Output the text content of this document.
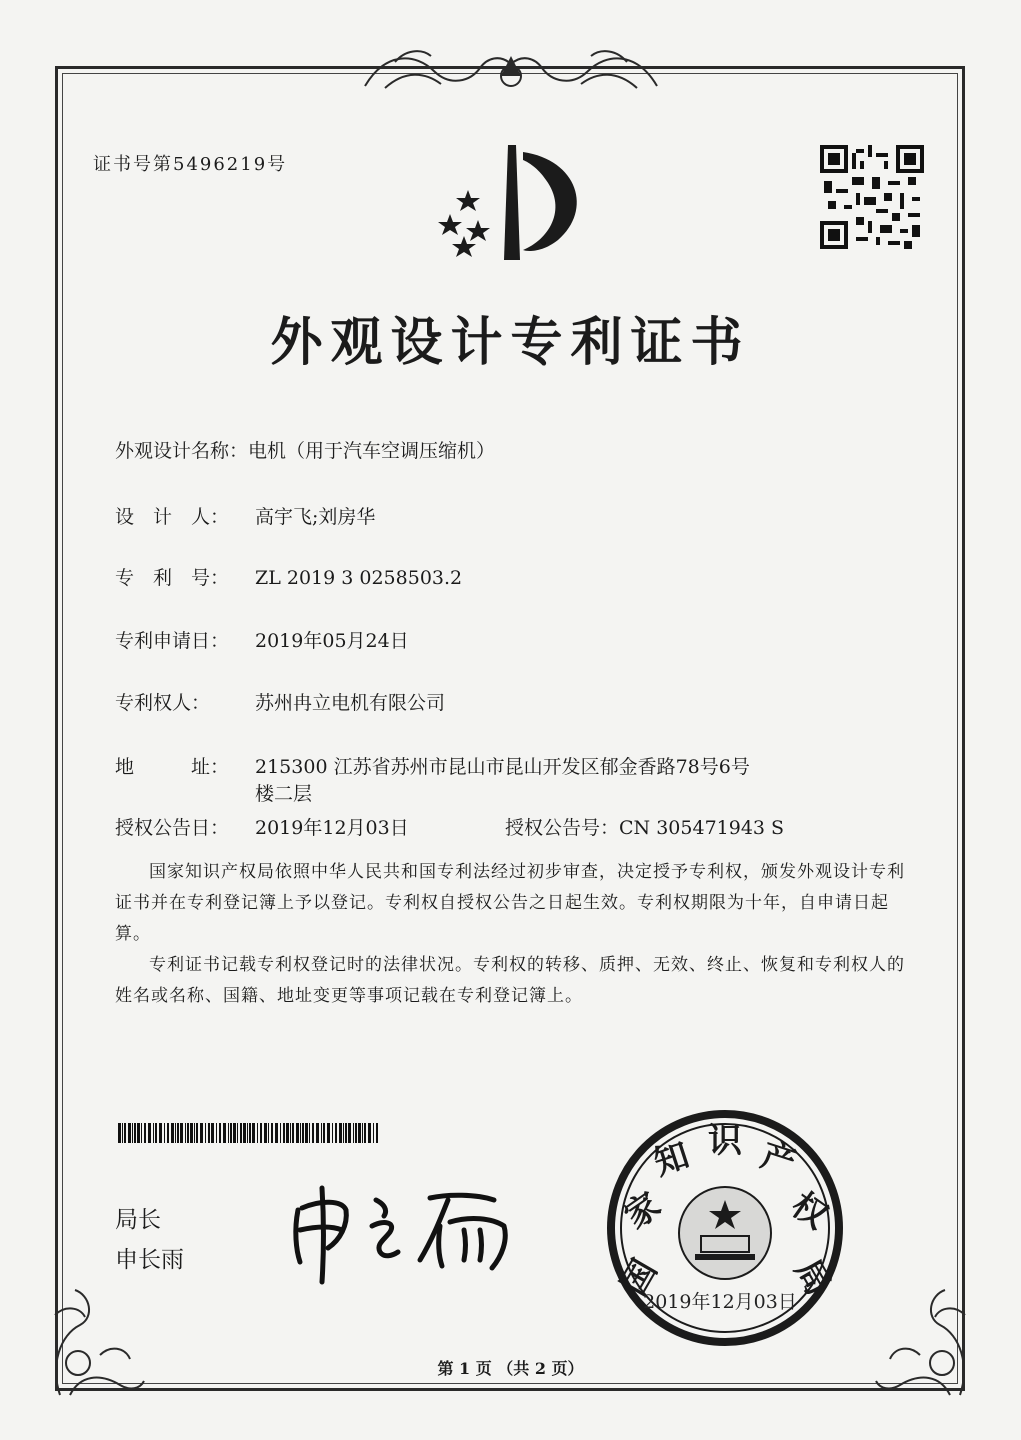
证书号第5496219号
外观设计专利证书
外观设计名称：电机（用于汽车空调压缩机）
设　计　人： 高宇飞;刘房华
专　利　号： ZL 2019 3 0258503.2
专利申请日： 2019年05月24日
专利权人： 苏州冉立电机有限公司
地　　　址： 215300 江苏省苏州市昆山市昆山开发区郁金香路78号6号
楼二层
授权公告日： 2019年12月03日	授权公告号：CN 305471943 S
国家知识产权局依照中华人民共和国专利法经过初步审查，决定授予专利权，颁发外观设计专利证书并在专利登记簿上予以登记。专利权自授权公告之日起生效。专利权期限为十年，自申请日起算。
专利证书记载专利权登记时的法律状况。专利权的转移、质押、无效、终止、恢复和专利权人的姓名或名称、国籍、地址变更等事项记载在专利登记簿上。
局长
申长雨	国
家
知 识 产
权
局
2019年12月03日
第 1 页 （共 2 页）
